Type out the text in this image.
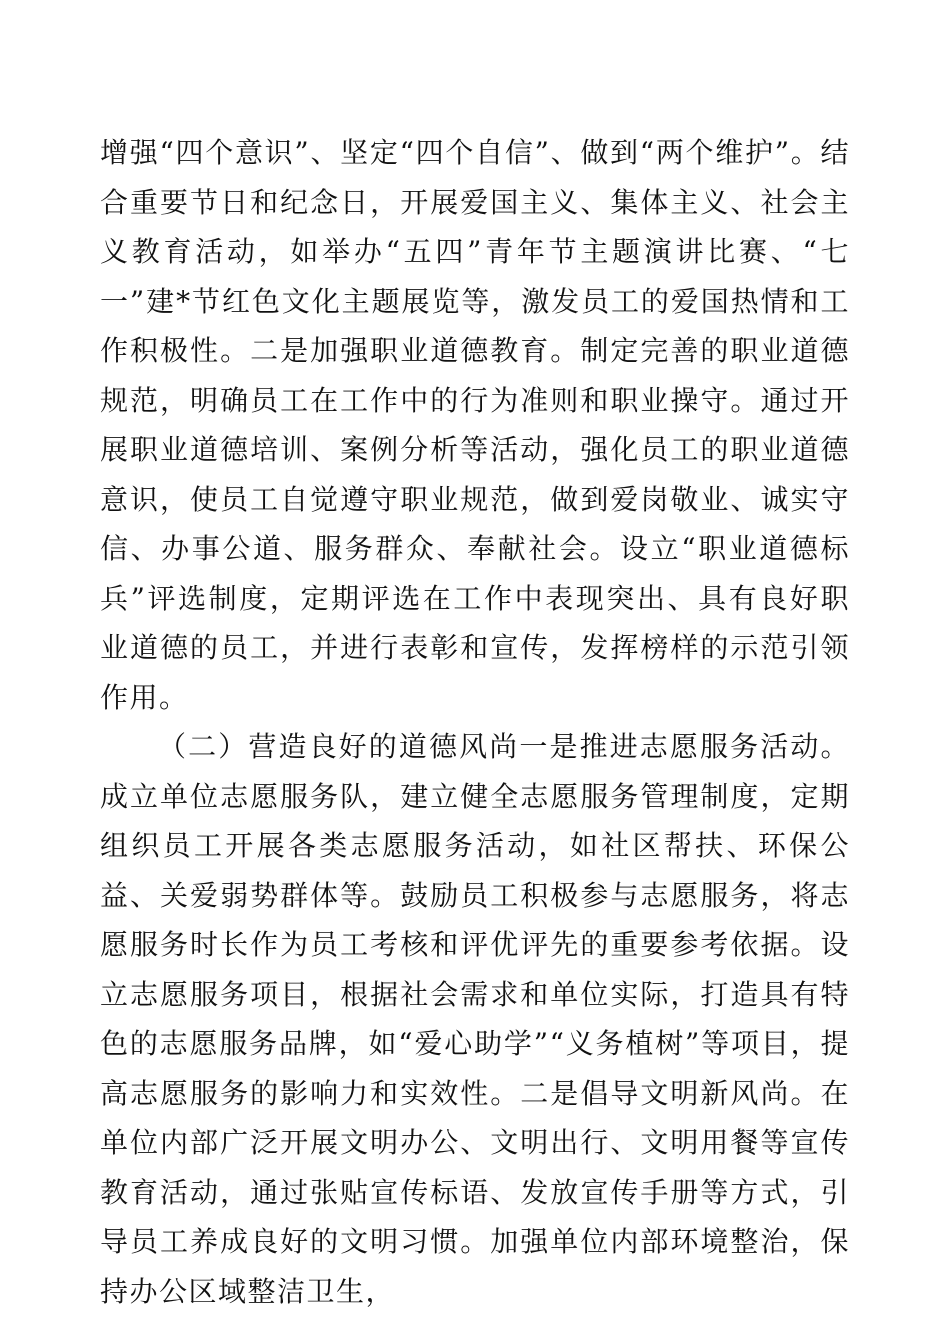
增强“四个意识”、坚定“四个自信”、做到“两个维护”。结合重要节日和纪念日，开展爱国主义、集体主义、社会主义教育活动，如举办“五四”青年节主题演讲比赛、“七一”建*节红色文化主题展览等，激发员工的爱国热情和工作积极性。二是加强职业道德教育。制定完善的职业道德规范，明确员工在工作中的行为准则和职业操守。通过开展职业道德培训、案例分析等活动，强化员工的职业道德意识，使员工自觉遵守职业规范，做到爱岗敬业、诚实守信、办事公道、服务群众、奉献社会。设立“职业道德标兵”评选制度，定期评选在工作中表现突出、具有良好职业道德的员工，并进行表彰和宣传，发挥榜样的示范引领作用。

（二）营造良好的道德风尚一是推进志愿服务活动。成立单位志愿服务队，建立健全志愿服务管理制度，定期组织员工开展各类志愿服务活动，如社区帮扶、环保公益、关爱弱势群体等。鼓励员工积极参与志愿服务，将志愿服务时长作为员工考核和评优评先的重要参考依据。设立志愿服务项目，根据社会需求和单位实际，打造具有特色的志愿服务品牌，如“爱心助学”“义务植树”等项目，提高志愿服务的影响力和实效性。二是倡导文明新风尚。在单位内部广泛开展文明办公、文明出行、文明用餐等宣传教育活动，通过张贴宣传标语、发放宣传手册等方式，引导员工养成良好的文明习惯。加强单位内部环境整治，保持办公区域整洁卫生，
